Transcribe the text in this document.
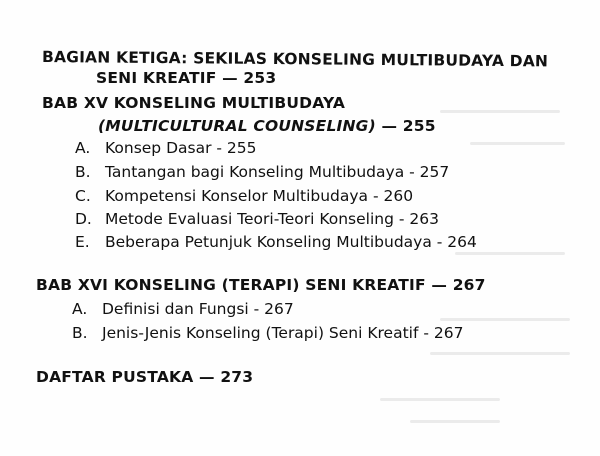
BAGIAN KETIGA: SEKILAS KONSELING MULTIBUDAYA DAN
SENI KREATIF — 253
BAB XV KONSELING MULTIBUDAYA
(MULTICULTURAL COUNSELING) — 255
A. Konsep Dasar - 255
B. Tantangan bagi Konseling Multibudaya - 257
C. Kompetensi Konselor Multibudaya - 260
D. Metode Evaluasi Teori-Teori Konseling - 263
E. Beberapa Petunjuk Konseling Multibudaya - 264
BAB XVI KONSELING (TERAPI) SENI KREATIF — 267
A. Definisi dan Fungsi - 267
B. Jenis-Jenis Konseling (Terapi) Seni Kreatif - 267
DAFTAR PUSTAKA — 273
